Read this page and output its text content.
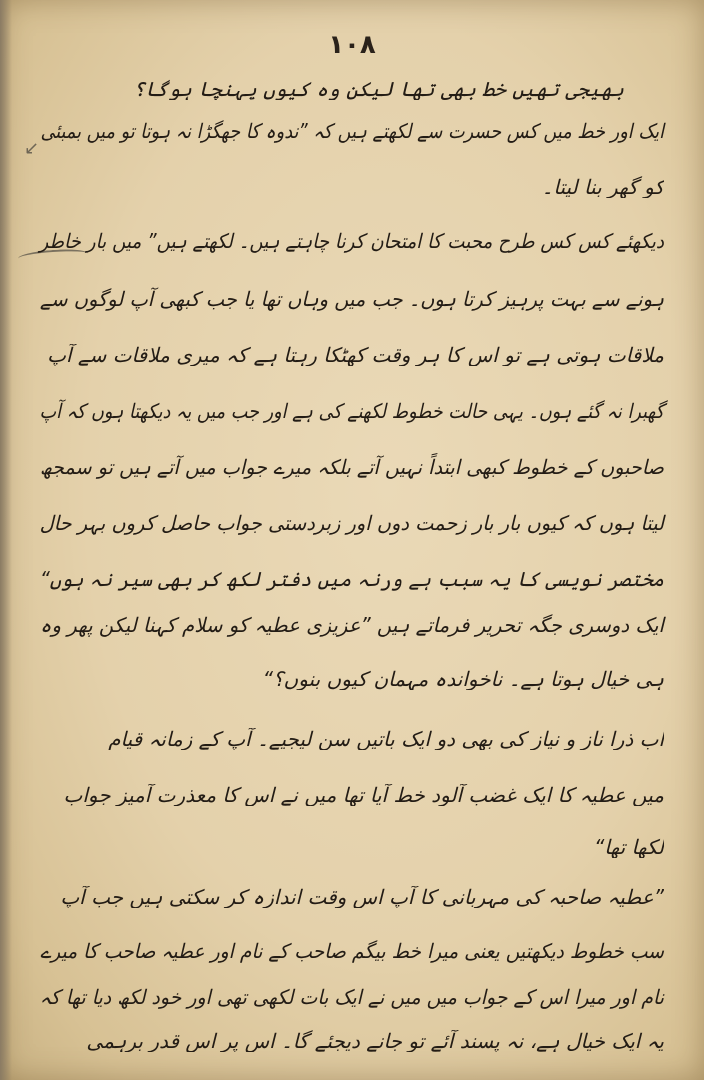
↙
۱۰۸
بھیجی تھیں خط بھی تھا لیکن وہ کیوں پہنچا ہوگا؟
ایک اور خط میں کس حسرت سے لکھتے ہیں کہ ”ندوہ کا جھگڑا نہ ہوتا تو میں بمبئی
کو گھر بنا لیتا۔
دیکھئے کس کس طرح محبت کا امتحان کرنا چاہتے ہیں۔ لکھتے ہیں” میں بار خاطر
ہونے سے بہت پرہیز کرتا ہوں۔ جب میں وہاں تھا یا جب کبھی آپ لوگوں سے
ملاقات ہوتی ہے تو اس کا ہر وقت کھٹکا رہتا ہے کہ میری ملاقات سے آپ
گھبرا نہ گئے ہوں۔ یہی حالت خطوط لکھنے کی ہے اور جب میں یہ دیکھتا ہوں کہ آپ
صاحبوں کے خطوط کبھی ابتداً نہیں آتے بلکہ میرے جواب میں آتے ہیں تو سمجھ
لیتا ہوں کہ کیوں بار بار زحمت دوں اور زبردستی جواب حاصل کروں بہر حال
مختصر نویسی کا یہ سبب ہے ورنہ میں دفتر لکھ کر بھی سیر نہ ہوں“
ایک دوسری جگہ تحریر فرماتے ہیں ”عزیزی عطیہ کو سلام کہنا لیکن پھر وہ
ہی خیال ہوتا ہے۔ ناخواندہ مہمان کیوں بنوں؟“
اب ذرا ناز و نیاز کی بھی دو ایک باتیں سن لیجیے۔ آپ کے زمانہ قیام
میں عطیہ کا ایک غضب آلود خط آیا تھا میں نے اس کا معذرت آمیز جواب
لکھا تھا“
”عطیہ صاحبہ کی مہربانی کا آپ اس وقت اندازہ کر سکتی ہیں جب آپ
سب خطوط دیکھتیں یعنی میرا خط بیگم صاحب کے نام اور عطیہ صاحب کا میرے
نام اور میرا اس کے جواب میں میں نے ایک بات لکھی تھی اور خود لکھ دیا تھا کہ
یہ ایک خیال ہے، نہ پسند آئے تو جانے دیجئے گا۔ اس پر اس قدر برہمی
